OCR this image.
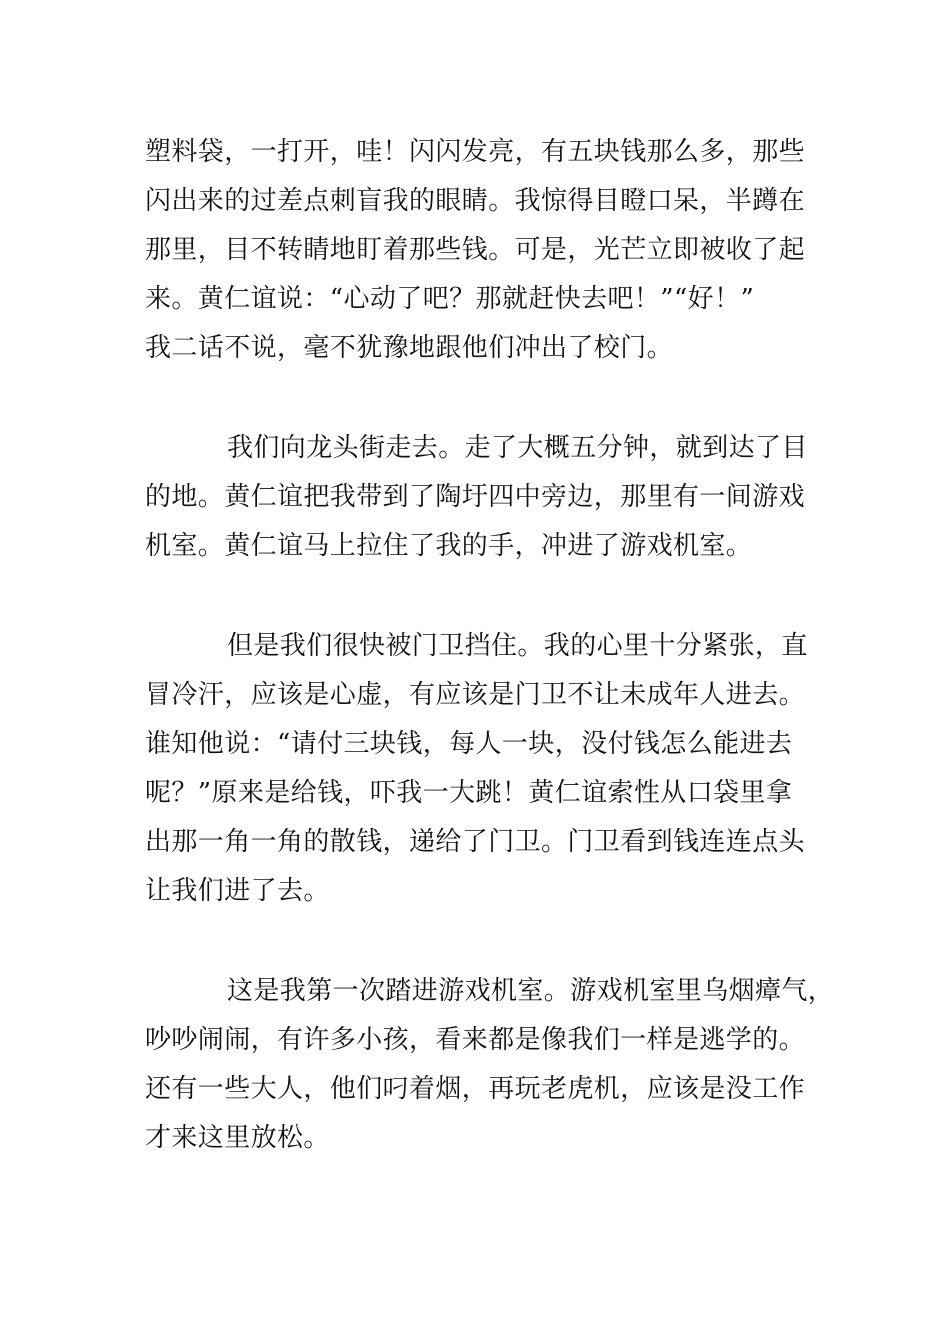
塑料袋，一打开，哇！闪闪发亮，有五块钱那么多，那些
闪出来的过差点刺盲我的眼睛。我惊得目瞪口呆，半蹲在
那里，目不转睛地盯着那些钱。可是，光芒立即被收了起
来。黄仁谊说：“心动了吧？那就赶快去吧！”“好！”
我二话不说，毫不犹豫地跟他们冲出了校门。

我们向龙头街走去。走了大概五分钟，就到达了目
的地。黄仁谊把我带到了陶圩四中旁边，那里有一间游戏
机室。黄仁谊马上拉住了我的手，冲进了游戏机室。

但是我们很快被门卫挡住。我的心里十分紧张，直
冒冷汗，应该是心虚，有应该是门卫不让未成年人进去。
谁知他说：“请付三块钱，每人一块，没付钱怎么能进去
呢？”原来是给钱，吓我一大跳！黄仁谊索性从口袋里拿
出那一角一角的散钱，递给了门卫。门卫看到钱连连点头
让我们进了去。

这是我第一次踏进游戏机室。游戏机室里乌烟瘴气，
吵吵闹闹，有许多小孩，看来都是像我们一样是逃学的。
还有一些大人，他们叼着烟，再玩老虎机，应该是没工作
才来这里放松。
